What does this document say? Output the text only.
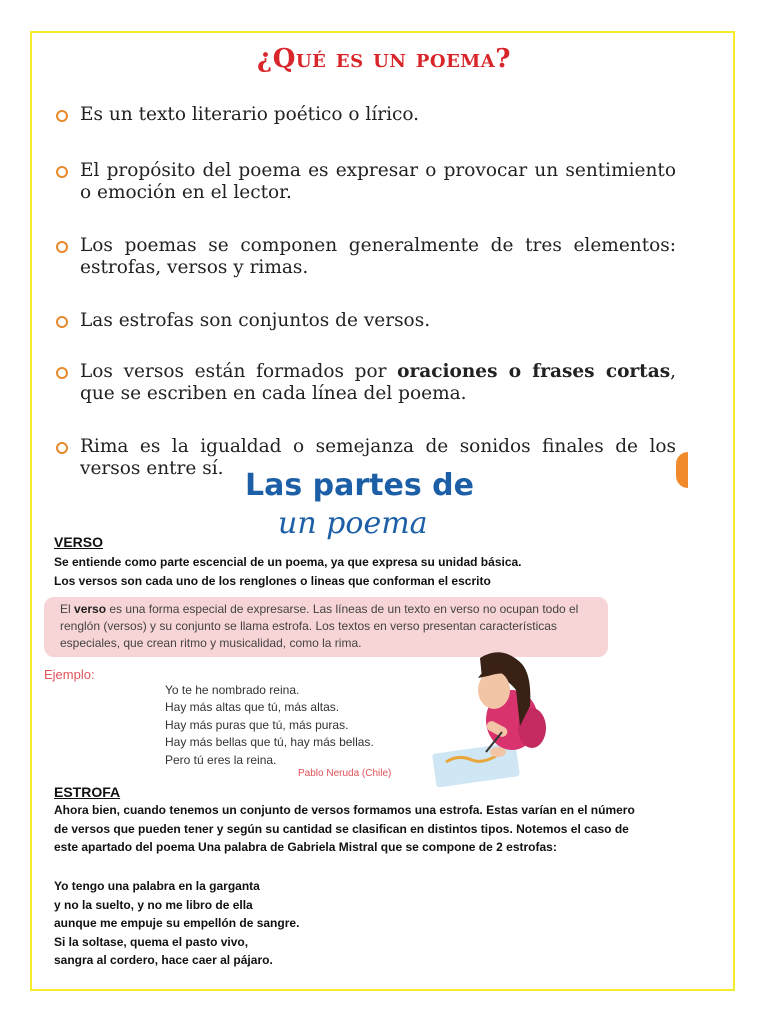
¿Qué es un poema?
Es un texto literario poético o lírico.
El propósito del poema es expresar o provocar un sentimiento o emoción en el lector.
Los poemas se componen generalmente de tres elementos: estrofas, versos y rimas.
Las estrofas son conjuntos de versos.
Los versos están formados por oraciones o frases cortas, que se escriben en cada línea del poema.
Rima es la igualdad o semejanza de sonidos finales de los versos entre sí. Las partes de
un poema
VERSO
Se entiende como parte escencial de un poema, ya que expresa su unidad básica.
Los versos son cada uno de los renglones o lineas que conforman el escrito
El verso es una forma especial de expresarse. Las líneas de un texto en verso no ocupan todo el renglón (versos) y su conjunto se llama estrofa. Los textos en verso presentan características especiales, que crean ritmo y musicalidad, como la rima.
Ejemplo:
Yo te he nombrado reina.
Hay más altas que tú, más altas.
Hay más puras que tú, más puras.
Hay más bellas que tú, hay más bellas.
Pero tú eres la reina.
Pablo Neruda (Chile)
ESTROFA
Ahora bien, cuando tenemos un conjunto de versos formamos una estrofa. Estas varían en el número
de versos que pueden tener y según su cantidad se clasifican en distintos tipos. Notemos el caso de
este apartado del poema Una palabra de Gabriela Mistral que se compone de 2 estrofas:
Yo tengo una palabra en la garganta
y no la suelto, y no me libro de ella
aunque me empuje su empellón de sangre.
Si la soltase, quema el pasto vivo,
sangra al cordero, hace caer al pájaro.
